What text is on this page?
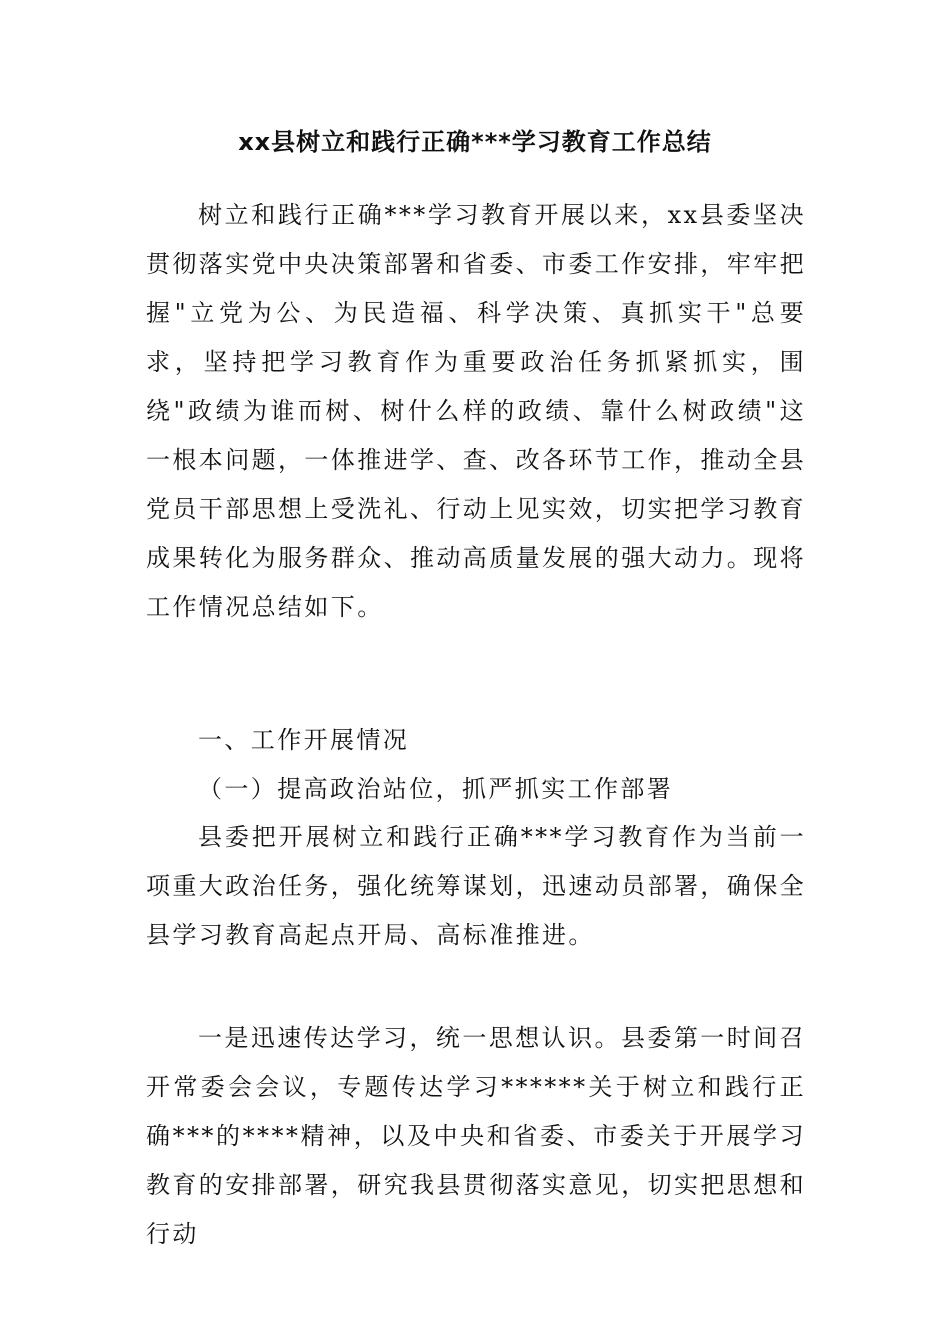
xx县树立和践行正确***学习教育工作总结

树立和践行正确***学习教育开展以来，xx县委坚决贯彻落实党中央决策部署和省委、市委工作安排，牢牢把握"立党为公、为民造福、科学决策、真抓实干"总要求，坚持把学习教育作为重要政治任务抓紧抓实，围绕"政绩为谁而树、树什么样的政绩、靠什么树政绩"这一根本问题，一体推进学、查、改各环节工作，推动全县党员干部思想上受洗礼、行动上见实效，切实把学习教育成果转化为服务群众、推动高质量发展的强大动力。现将工作情况总结如下。

一、工作开展情况

（一）提高政治站位，抓严抓实工作部署

县委把开展树立和践行正确***学习教育作为当前一项重大政治任务，强化统筹谋划，迅速动员部署，确保全县学习教育高起点开局、高标准推进。

一是迅速传达学习，统一思想认识。县委第一时间召开常委会会议，专题传达学习******关于树立和践行正确***的****精神，以及中央和省委、市委关于开展学习教育的安排部署，研究我县贯彻落实意见，切实把思想和行动
